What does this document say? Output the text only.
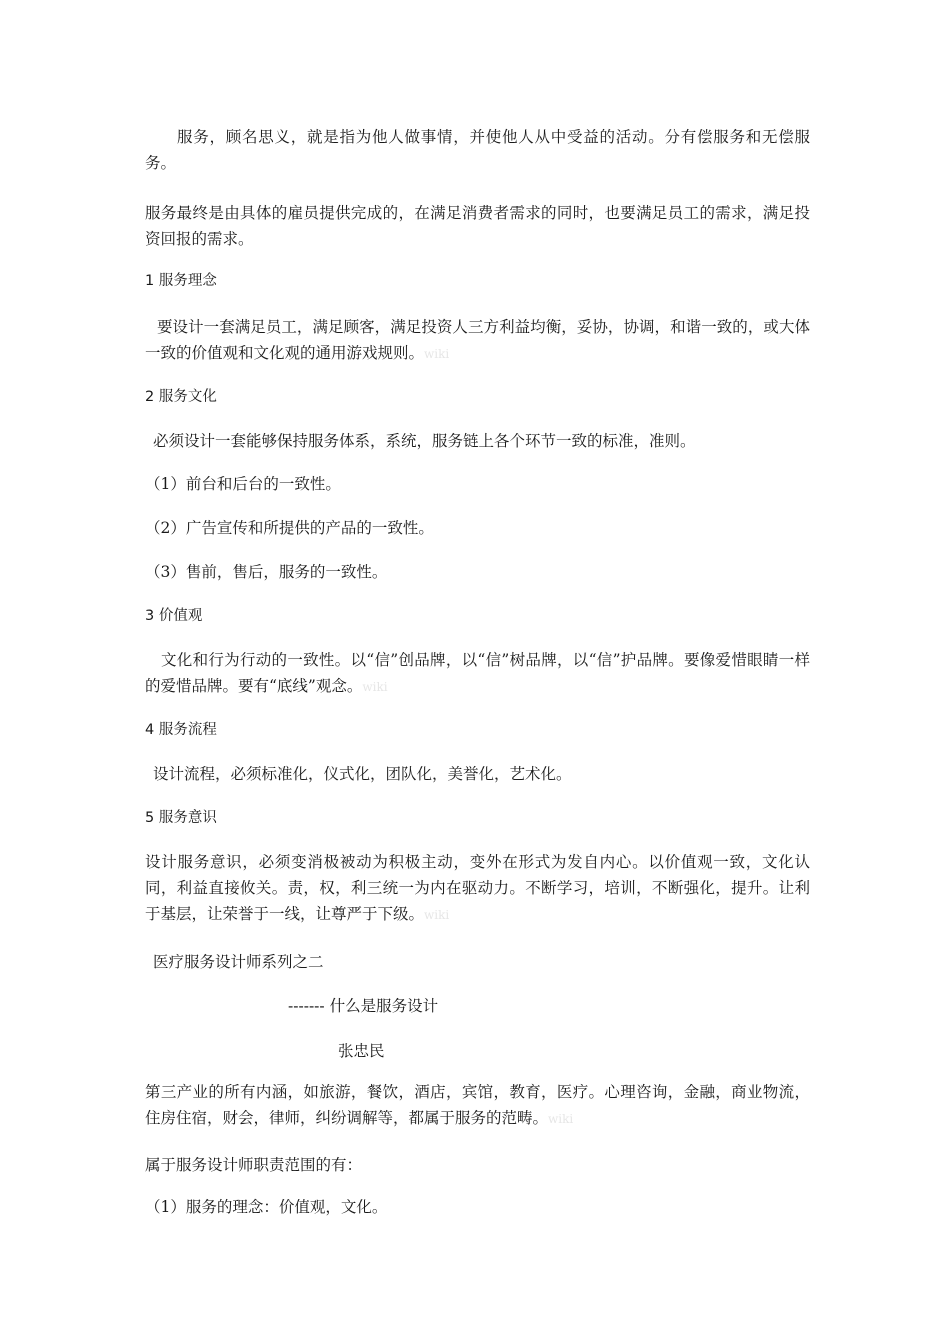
服务，顾名思义，就是指为他人做事情，并使他人从中受益的活动。分有偿服务和无偿服务。

服务最终是由具体的雇员提供完成的，在满足消费者需求的同时，也要满足员工的需求，满足投资回报的需求。

1 服务理念

要设计一套满足员工，满足顾客，满足投资人三方利益均衡，妥协，协调，和谐一致的，或大体一致的价值观和文化观的通用游戏规则。wiki

2 服务文化

必须设计一套能够保持服务体系，系统，服务链上各个环节一致的标准，准则。

（1）前台和后台的一致性。

（2）广告宣传和所提供的产品的一致性。

（3）售前，售后，服务的一致性。

3 价值观

文化和行为行动的一致性。以“信”创品牌，以“信”树品牌，以“信”护品牌。要像爱惜眼睛一样的爱惜品牌。要有“底线”观念。wiki

4 服务流程

设计流程，必须标准化，仪式化，团队化，美誉化，艺术化。

5 服务意识

设计服务意识，必须变消极被动为积极主动，变外在形式为发自内心。以价值观一致，文化认同，利益直接攸关。责，权，利三统一为内在驱动力。不断学习，培训，不断强化，提升。让利于基层，让荣誉于一线，让尊严于下级。wiki

医疗服务设计师系列之二

------- 什么是服务设计

张忠民

第三产业的所有内涵，如旅游，餐饮，酒店，宾馆，教育，医疗。心理咨询，金融，商业物流，住房住宿，财会，律师，纠纷调解等，都属于服务的范畴。wiki

属于服务设计师职责范围的有：

（1）服务的理念：价值观，文化。
